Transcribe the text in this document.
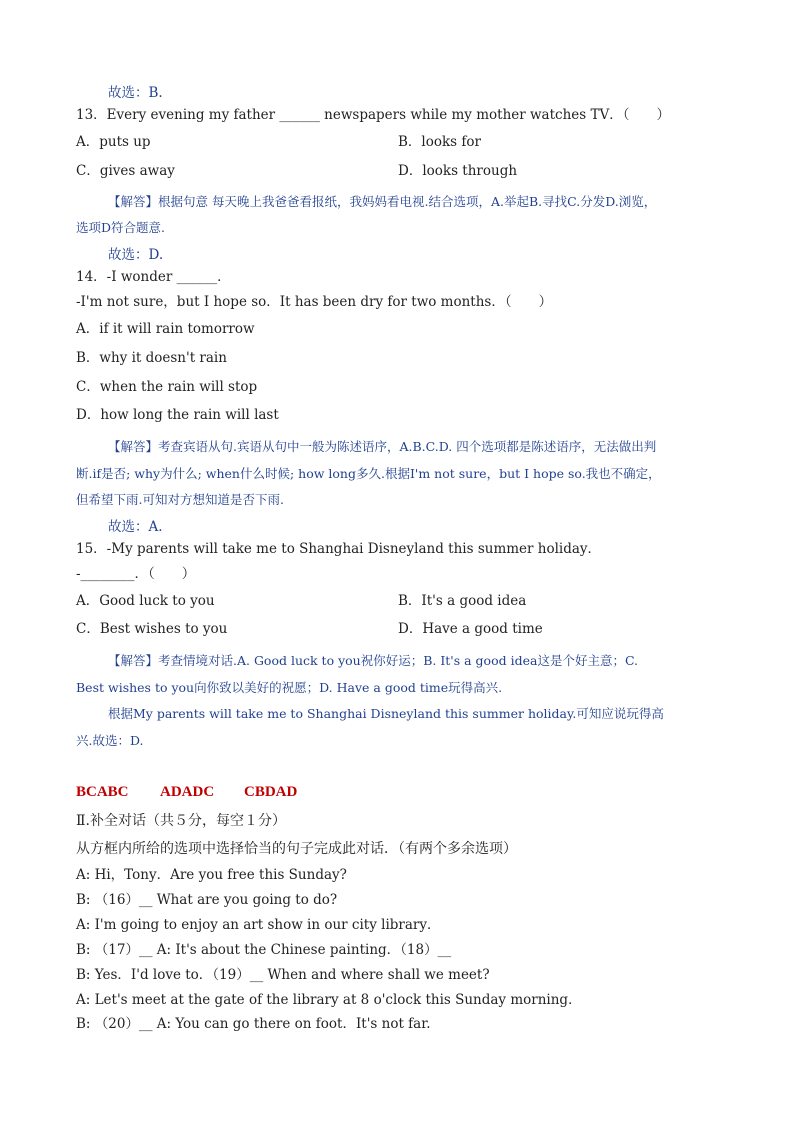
故选：B.
13．Every evening my father ______ newspapers while my mother watches TV．（　　）
A．puts up	B．looks for
C．gives away	D．looks through
【解答】根据句意 每天晚上我爸爸看报纸，我妈妈看电视.结合选项，A.举起B.寻找C.分发D.浏览，
选项D符合题意.
故选：D.
14．-I wonder ______．
-I'm not sure，but I hope so．It has been dry for two months．（　　）
A．if it will rain tomorrow
B．why it doesn't rain
C．when the rain will stop
D．how long the rain will last
【解答】考查宾语从句.宾语从句中一般为陈述语序，A.B.C.D. 四个选项都是陈述语序，无法做出判
断.if是否; why为什么; when什么时候; how long多久.根据I'm not sure，but I hope so.我也不确定，
但希望下雨.可知对方想知道是否下雨.
故选：A.
15．-My parents will take me to Shanghai Disneyland this summer holiday．
-________．（　　）
A．Good luck to you	B．It's a good idea
C．Best wishes to you	D．Have a good time
【解答】考查情境对话.A. Good luck to you祝你好运；B. It's a good idea这是个好主意；C.
Best wishes to you向你致以美好的祝愿；D. Have a good time玩得高兴.
根据My parents will take me to Shanghai Disneyland this summer holiday.可知应说玩得高
兴.故选：D.
BCABC ADADC CBDAD
Ⅱ.补全对话（共５分，每空１分）
从方框内所给的选项中选择恰当的句子完成此对话．（有两个多余选项）
A: Hi，Tony．Are you free this Sunday?
B: （16）__ What are you going to do?
A: I'm going to enjoy an art show in our city library．
B: （17）__ A: It's about the Chinese painting．（18）__
B: Yes．I'd love to．（19）__ When and where shall we meet?
A: Let's meet at the gate of the library at 8 o'clock this Sunday morning．
B: （20）__ A: You can go there on foot．It's not far.
